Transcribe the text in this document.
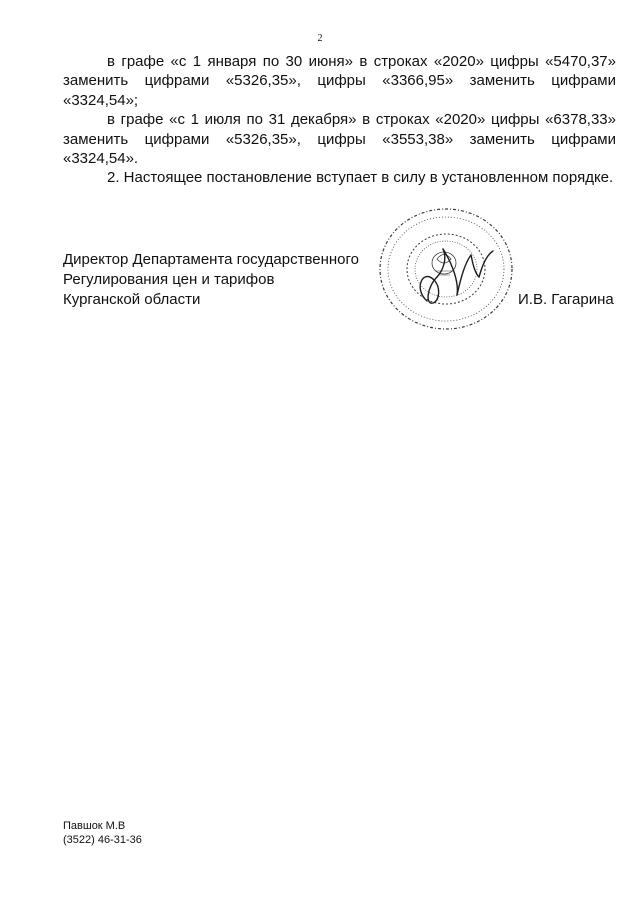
2

в графе «с 1 января по 30 июня» в строках «2020» цифры «5470,37» заменить цифрами «5326,35», цифры «3366,95» заменить цифрами «3324,54»;

в графе «с 1 июля по 31 декабря» в строках «2020» цифры «6378,33» заменить цифрами «5326,35», цифры «3553,38» заменить цифрами «3324,54».

2. Настоящее постановление вступает в силу в установленном порядке.

Директор Департамента государственного
Регулирования цен и тарифов
Курганской области	И.В. Гагарина
Павшок М.В
(3522) 46-31-36
